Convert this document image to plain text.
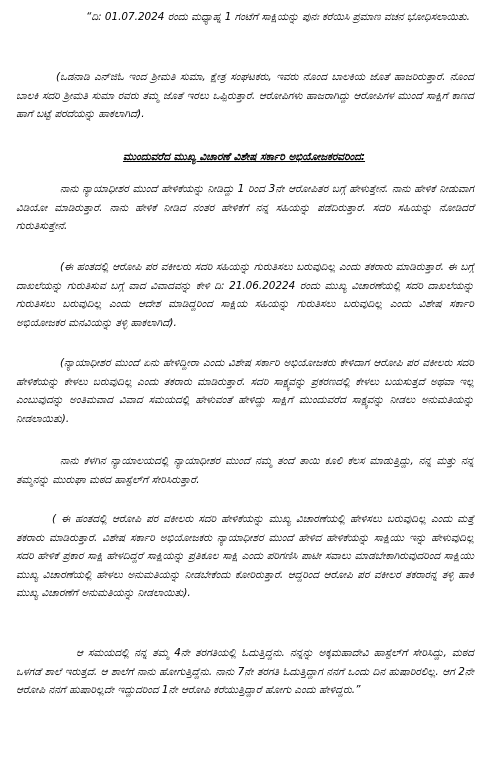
“ದಿ: 01.07.2024 ರಂದು ಮಧ್ಯಾಹ್ನ 1 ಗಂಟೆಗೆ ಸಾಕ್ಷಿಯನ್ನು ಪುನಃ ಕರೆಯಿಸಿ ಪ್ರಮಾಣ ವಚನ ಭೋಧಿಸಲಾಯಿತು.

(ಒಡನಾಡಿ ಎನ್‌ಜಿಓ ಇಂದ ಶ್ರೀಮತಿ ಸುಮಾ, ಕ್ಷೇತ್ರ ಸಂಘಟಕರು, ಇವರು ನೊಂದ ಬಾಲಕಿಯ ಜೊತೆ ಹಾಜರಿರುತ್ತಾರೆ. ನೊಂದ ಬಾಲಕಿ ಸದರಿ ಶ್ರೀಮತಿ ಸುಮಾ ರವರು ತಮ್ಮ ಜೊತೆ ಇರಲು ಒಪ್ಪಿರುತ್ತಾರೆ. ಆರೋಪಿಗಳು ಹಾಜರಾಗಿದ್ದು ಆರೋಪಿಗಳ ಮುಂದೆ ಸಾಕ್ಷಿಗೆ ಕಾಣದ ಹಾಗೆ ಬಟ್ಟೆ ಪರದೆಯನ್ನು ಹಾಕಲಾಗಿದೆ).

ಮುಂದುವರೆದ ಮುಖ್ಯ ವಿಚಾರಣೆ ವಿಶೇಷ ಸರ್ಕಾರಿ ಅಭಿಯೋಜಕರವರಿಂದ:

ನಾನು ನ್ಯಾಯಾಧೀಶರ ಮುಂದೆ ಹೇಳಿಕೆಯನ್ನು ನೀಡಿದ್ದು 1 ರಿಂದ 3ನೇ ಆರೋಪಿತರ ಬಗ್ಗೆ ಹೇಳುತ್ತೇನೆ. ನಾನು ಹೇಳಿಕೆ ನೀಡುವಾಗ ವಿಡಿಯೋ ಮಾಡಿರುತ್ತಾರೆ. ನಾನು ಹೇಳಿಕೆ ನೀಡಿದ ನಂತರ ಹೇಳಿಕೆಗೆ ನನ್ನ ಸಹಿಯನ್ನು ಪಡೆದಿರುತ್ತಾರೆ. ಸದರಿ ಸಹಿಯನ್ನು ನೋಡಿದರೆ ಗುರುತಿಸುತ್ತೇನೆ.

(ಈ ಹಂತದಲ್ಲಿ ಆರೋಪಿ ಪರ ವಕೀಲರು ಸದರಿ ಸಹಿಯನ್ನು ಗುರುತಿಸಲು ಬರುವುದಿಲ್ಲ ಎಂದು ತಕರಾರು ಮಾಡಿರುತ್ತಾರೆ. ಈ ಬಗ್ಗೆ ದಾಖಲೆಯನ್ನು ಗುರುತಿಸುವ ಬಗ್ಗೆ ವಾದ ವಿವಾದವನ್ನು ಕೇಳಿ ದಿ: 21.06.20224 ರಂದು ಮುಖ್ಯ ವಿಚಾರಣೆಯಲ್ಲಿ ಸದರಿ ದಾಖಲೆಯನ್ನು ಗುರುತಿಸಲು ಬರುವುದಿಲ್ಲ ಎಂದು ಆದೇಶ ಮಾಡಿದ್ದರಿಂದ ಸಾಕ್ಷಿಯ ಸಹಿಯನ್ನು ಗುರುತಿಸಲು ಬರುವುದಿಲ್ಲ ಎಂದು ವಿಶೇಷ ಸರ್ಕಾರಿ ಅಭಿಯೋಜಕರ ಮನವಿಯನ್ನು ತಳ್ಳಿ ಹಾಕಲಾಗಿದೆ).

(ನ್ಯಾಯಾಧೀಶರ ಮುಂದೆ ಏನು ಹೇಳಿದ್ದೀರಾ ಎಂದು ವಿಶೇಷ ಸರ್ಕಾರಿ ಅಭಿಯೋಜಕರು ಕೇಳಿದಾಗ ಆರೋಪಿ ಪರ ವಕೀಲರು ಸದರಿ ಹೇಳಿಕೆಯನ್ನು ಕೇಳಲು ಬರುವುದಿಲ್ಲ ಎಂದು ತಕರಾರು ಮಾಡಿರುತ್ತಾರೆ. ಸದರಿ ಸಾಕ್ಷ್ಯವನ್ನು ಪ್ರಕರಣದಲ್ಲಿ ಕೇಳಲು ಬಯಸುತ್ತದೆ ಅಥವಾ ಇಲ್ಲ ಎಂಬುವುದನ್ನು ಅಂತಿಮವಾದ ವಿವಾದ ಸಮಯದಲ್ಲಿ ಹೇಳುವಂತೆ ಹೇಳಿದ್ದು ಸಾಕ್ಷಿಗೆ ಮುಂದುವರೆದ ಸಾಕ್ಷ್ಯವನ್ನು ನೀಡಲು ಅನುಮತಿಯನ್ನು ನೀಡಲಾಯಿತು).

ನಾನು ಕೆಳಗಿನ ನ್ಯಾಯಾಲಯದಲ್ಲಿ ನ್ಯಾಯಾಧೀಶರ ಮುಂದೆ ನಮ್ಮ ತಂದೆ ತಾಯಿ ಕೂಲಿ ಕೆಲಸ ಮಾಡುತ್ತಿದ್ದು, ನನ್ನ ಮತ್ತು ನನ್ನ ತಮ್ಮನನ್ನು ಮುರುಘಾ ಮಠದ ಹಾಸ್ಟೆಲ್‌ಗೆ ಸೇರಿಸಿರುತ್ತಾರೆ.

( ಈ ಹಂತದಲ್ಲಿ ಆರೋಪಿ ಪರ ವಕೀಲರು ಸದರಿ ಹೇಳಿಕೆಯನ್ನು ಮುಖ್ಯ ವಿಚಾರಣೆಯಲ್ಲಿ ಹೇಳಿಸಲು ಬರುವುದಿಲ್ಲ ಎಂದು ಮತ್ತೆ ತಕರಾರು ಮಾಡಿರುತ್ತಾರೆ. ವಿಶೇಷ ಸರ್ಕಾರಿ ಅಭಿಯೋಜಕರು ನ್ಯಾಯಾಧೀಶರ ಮುಂದೆ ಹೇಳಿದ ಹೇಳಿಕೆಯನ್ನು ಸಾಕ್ಷಿಯು ಇನ್ನು ಹೇಳುವುದಿಲ್ಲ ಸದರಿ ಹೇಳಿಕೆ ಪ್ರಕಾರ ಸಾಕ್ಷಿ ಹೇಳದಿದ್ದರೆ ಸಾಕ್ಷಿಯನ್ನು ಪ್ರತಿಕೂಲ ಸಾಕ್ಷಿ ಎಂದು ಪರಿಗಣಿಸಿ ಪಾಟೀ ಸವಾಲು ಮಾಡಬೇಕಾಗಿರುವುದರಿಂದ ಸಾಕ್ಷಿಯು ಮುಖ್ಯ ವಿಚಾರಣೆಯಲ್ಲಿ ಹೇಳಲು ಅನುಮತಿಯನ್ನು ನೀಡಬೇಕೆಂದು ಕೋರಿರುತ್ತಾರೆ. ಆದ್ದರಿಂದ ಆರೋಪಿ ಪರ ವಕೀಲರ ತಕರಾರನ್ನ ತಳ್ಳಿ ಹಾಕಿ ಮುಖ್ಯ ವಿಚಾರಣೆಗೆ ಅನುಮತಿಯನ್ನು ನೀಡಲಾಯಿತು).

ಆ ಸಮಯದಲ್ಲಿ ನನ್ನ ತಮ್ಮ 4ನೇ ತರಗತಿಯಲ್ಲಿ ಓದುತ್ತಿದ್ದನು. ನನ್ನನ್ನು ಅಕ್ಕಮಹಾದೇವಿ ಹಾಸ್ಟೆಲ್‌ಗೆ ಸೇರಿಸಿದ್ದು, ಮಠದ ಒಳಗಡೆ ಶಾಲೆ ಇರುತ್ತದೆ. ಆ ಶಾಲೆಗೆ ನಾನು ಹೋಗುತ್ತಿದ್ದೆನು. ನಾನು 7ನೇ ತರಗತಿ ಓದುತ್ತಿದ್ದಾಗ ನನಗೆ ಒಂದು ದಿನ ಹುಷಾರಿರಲಿಲ್ಲ. ಆಗ 2ನೇ ಆರೋಪಿ ನನಗೆ ಹುಷಾರಿಲ್ಲದೇ ಇದ್ದುದರಿಂದ 1ನೇ ಆರೋಪಿ ಕರೆಯುತ್ತಿದ್ದಾರೆ ಹೋಗು ಎಂದು ಹೇಳಿದ್ದರು.”
